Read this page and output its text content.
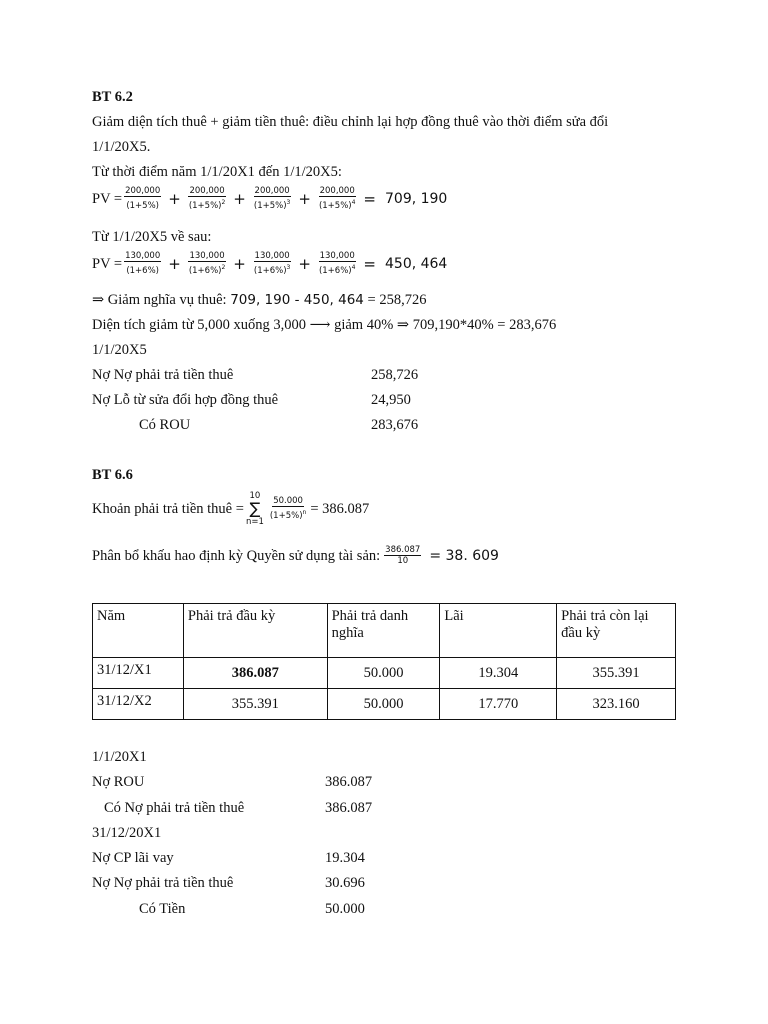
BT 6.2
Giảm diện tích thuê + giảm tiền thuê: điều chỉnh lại hợp đồng thuê vào thời điểm sửa đổi
1/1/20X5.
Từ thời điểm năm 1/1/20X1 đến 1/1/20X5:
PV = $\frac{200,000}{(1+5\%)} + \frac{200,000}{(1+5\%)^2} + \frac{200,000}{(1+5\%)^3} + \frac{200,000}{(1+5\%)^4} = 709$, 190
Từ 1/1/20X5 về sau:
PV = $\frac{130,000}{(1+6\%)} + \frac{130,000}{(1+6\%)^2} + \frac{130,000}{(1+6\%)^3} + \frac{130,000}{(1+6\%)^4} = 450$, 464
⇒ Giảm nghĩa vụ thuê: 709, 190 - 450, 464 = 258,726
Diện tích giảm từ 5,000 xuống 3,000 ⟶ giảm 40% ⇒ 709,190*40% = 283,676
1/1/20X5
Nợ Nợ phải trả tiền thuê	258,726
Nợ Lỗ từ sửa đổi hợp đồng thuê	24,950
Có ROU	283,676
BT 6.6
Khoản phải trả tiền thuê =
10
∑
$n=1 \frac{50.000}{(1+5\%)^n} = 386.087$
Phân bổ khấu hao định kỳ Quyền sử dụng tài sản: $\frac{386.087}{10} = 38$. 609
Năm	Phải trả đầu kỳ	Phải trả danh nghĩa	Lãi	Phải trả còn lại đầu kỳ
31/12/X1	386.087	50.000	19.304	355.391
31/12/X2	355.391	50.000	17.770	323.160
1/1/20X1
Nợ ROU	386.087
Có Nợ phải trả tiền thuê	386.087
31/12/20X1
Nợ CP lãi vay	19.304
Nợ Nợ phải trả tiền thuê	30.696
Có Tiền	50.000
